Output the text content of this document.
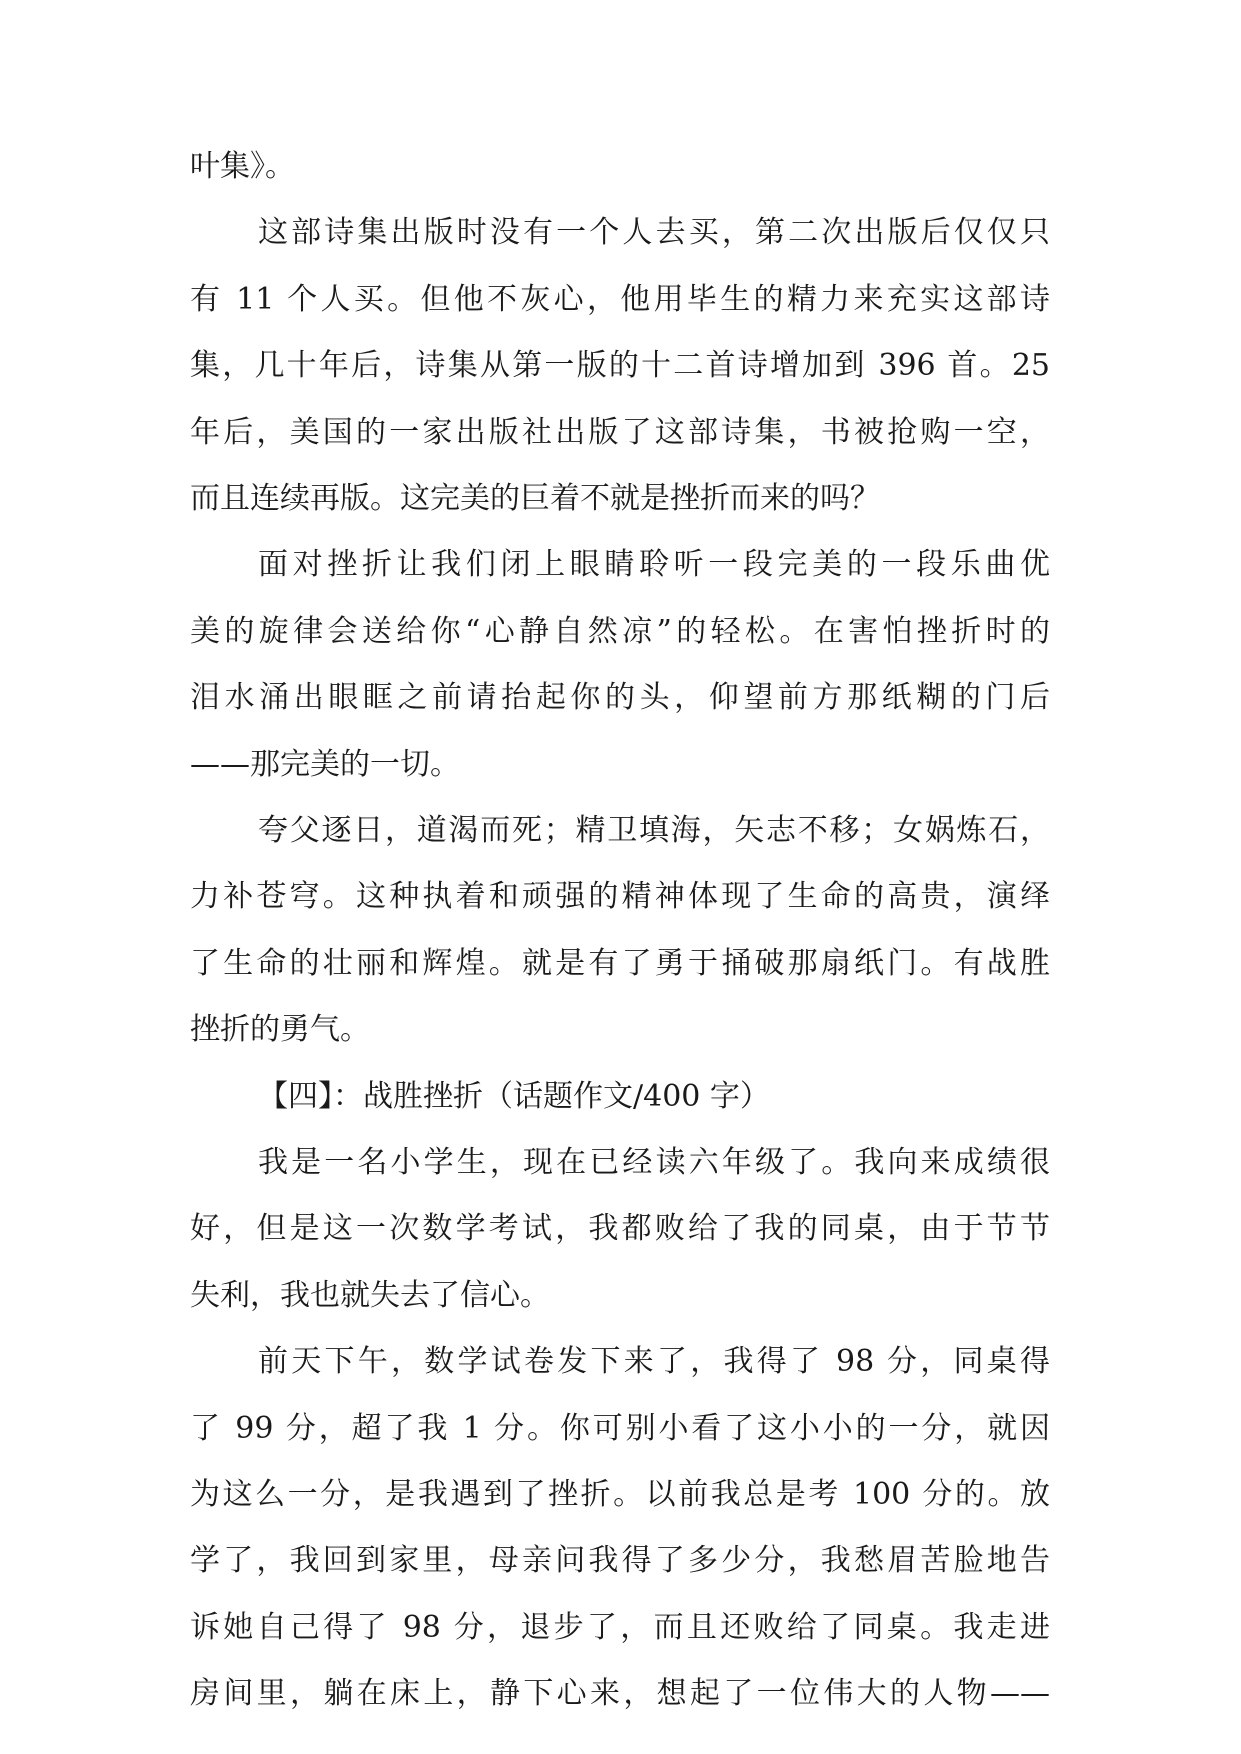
叶集》。

这部诗集出版时没有一个人去买，第二次出版后仅仅只

有 11 个人买。但他不灰心，他用毕生的精力来充实这部诗

集，几十年后，诗集从第一版的十二首诗增加到 396 首。25

年后，美国的一家出版社出版了这部诗集，书被抢购一空，

而且连续再版。这完美的巨着不就是挫折而来的吗？

面对挫折让我们闭上眼睛聆听一段完美的一段乐曲优

美的旋律会送给你“心静自然凉”的轻松。在害怕挫折时的

泪水涌出眼眶之前请抬起你的头，仰望前方那纸糊的门后

——那完美的一切。

夸父逐日，道渴而死；精卫填海，矢志不移；女娲炼石，

力补苍穹。这种执着和顽强的精神体现了生命的高贵，演绎

了生命的壮丽和辉煌。就是有了勇于捅破那扇纸门。有战胜

挫折的勇气。

【四】：战胜挫折（话题作文/400 字）

我是一名小学生，现在已经读六年级了。我向来成绩很

好，但是这一次数学考试，我都败给了我的同桌，由于节节

失利，我也就失去了信心。

前天下午，数学试卷发下来了，我得了 98 分，同桌得

了 99 分，超了我 1 分。你可别小看了这小小的一分，就因

为这么一分，是我遇到了挫折。以前我总是考 100 分的。放

学了，我回到家里，母亲问我得了多少分，我愁眉苦脸地告

诉她自己得了 98 分，退步了，而且还败给了同桌。我走进

房间里，躺在床上，静下心来，想起了一位伟大的人物——
